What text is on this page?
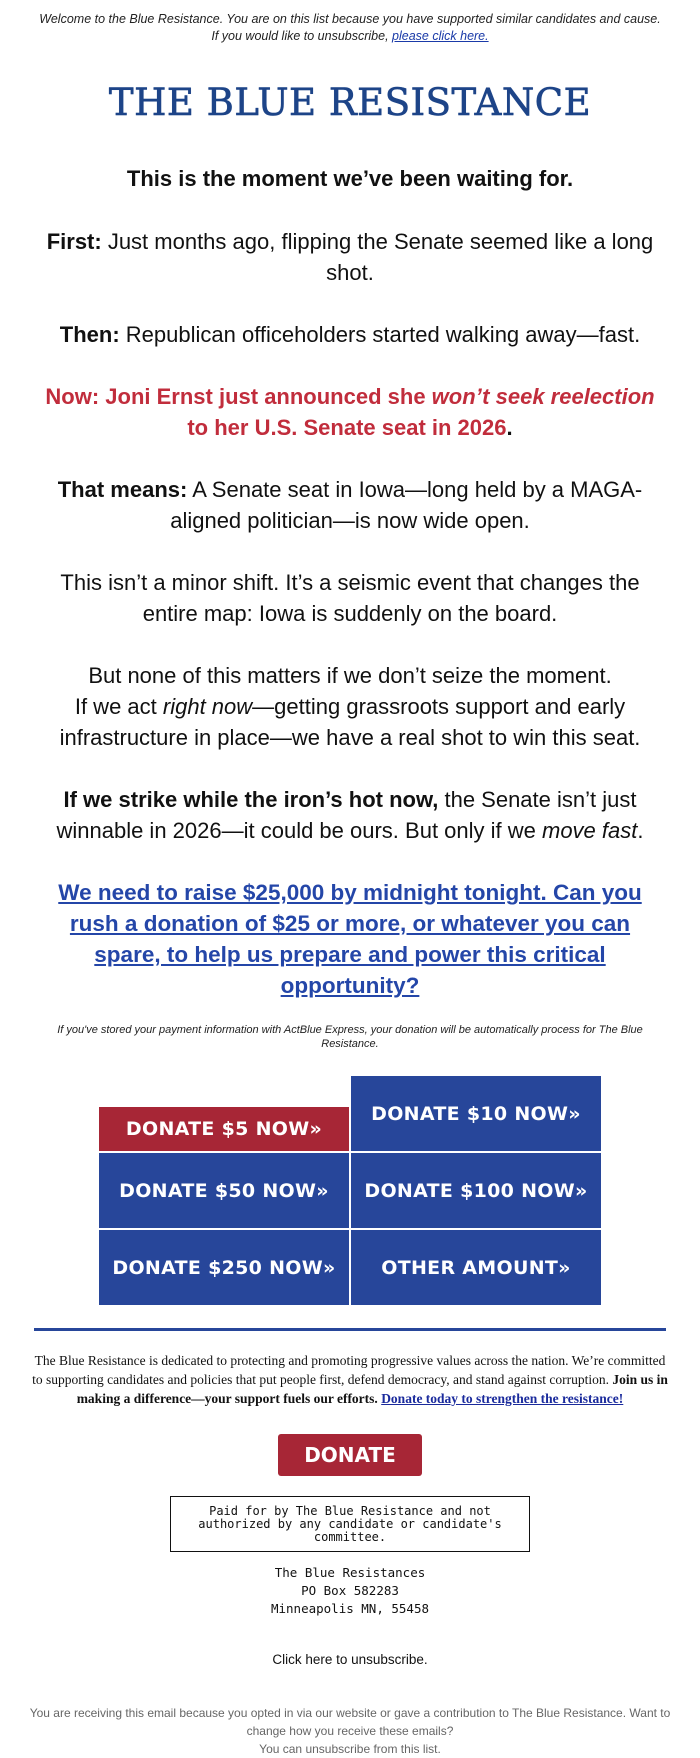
Welcome to the Blue Resistance. You are on this list because you have supported similar candidates and cause. If you would like to unsubscribe, please click here.
THE BLUE RESISTANCE

This is the moment we’ve been waiting for.

First: Just months ago, flipping the Senate seemed like a long shot.

Then: Republican officeholders started walking away—fast.

Now: Joni Ernst just announced she won’t seek reelection to her U.S. Senate seat in 2026.

That means: A Senate seat in Iowa—long held by a MAGA-aligned politician—is now wide open.

This isn’t a minor shift. It’s a seismic event that changes the entire map: Iowa is suddenly on the board.

But none of this matters if we don’t seize the moment.
If we act right now—getting grassroots support and early infrastructure in place—we have a real shot to win this seat.

If we strike while the iron’s hot now, the Senate isn’t just winnable in 2026—it could be ours. But only if we move fast.

We need to raise $25,000 by midnight tonight. Can you rush a donation of $25 or more, or whatever you can spare, to help us prepare and power this critical opportunity?

If you've stored your payment information with ActBlue Express, your donation will be automatically process for The Blue Resistance.
DONATE $5 NOW»
DONATE $10 NOW»
DONATE $50 NOW»	DONATE $100 NOW»
DONATE $250 NOW»	OTHER AMOUNT»
The Blue Resistance is dedicated to protecting and promoting progressive values across the nation. We’re committed to supporting candidates and policies that put people first, defend democracy, and stand against corruption. Join us in making a difference—your support fuels our efforts. Donate today to strengthen the resistance!
DONATE
Paid for by The Blue Resistance and not authorized by any candidate or candidate's committee.
The Blue Resistances
PO Box 582283
Minneapolis MN, 55458
Click here to unsubscribe.
You are receiving this email because you opted in via our website or gave a contribution to The Blue Resistance. Want to change how you receive these emails?
You can unsubscribe from this list.
